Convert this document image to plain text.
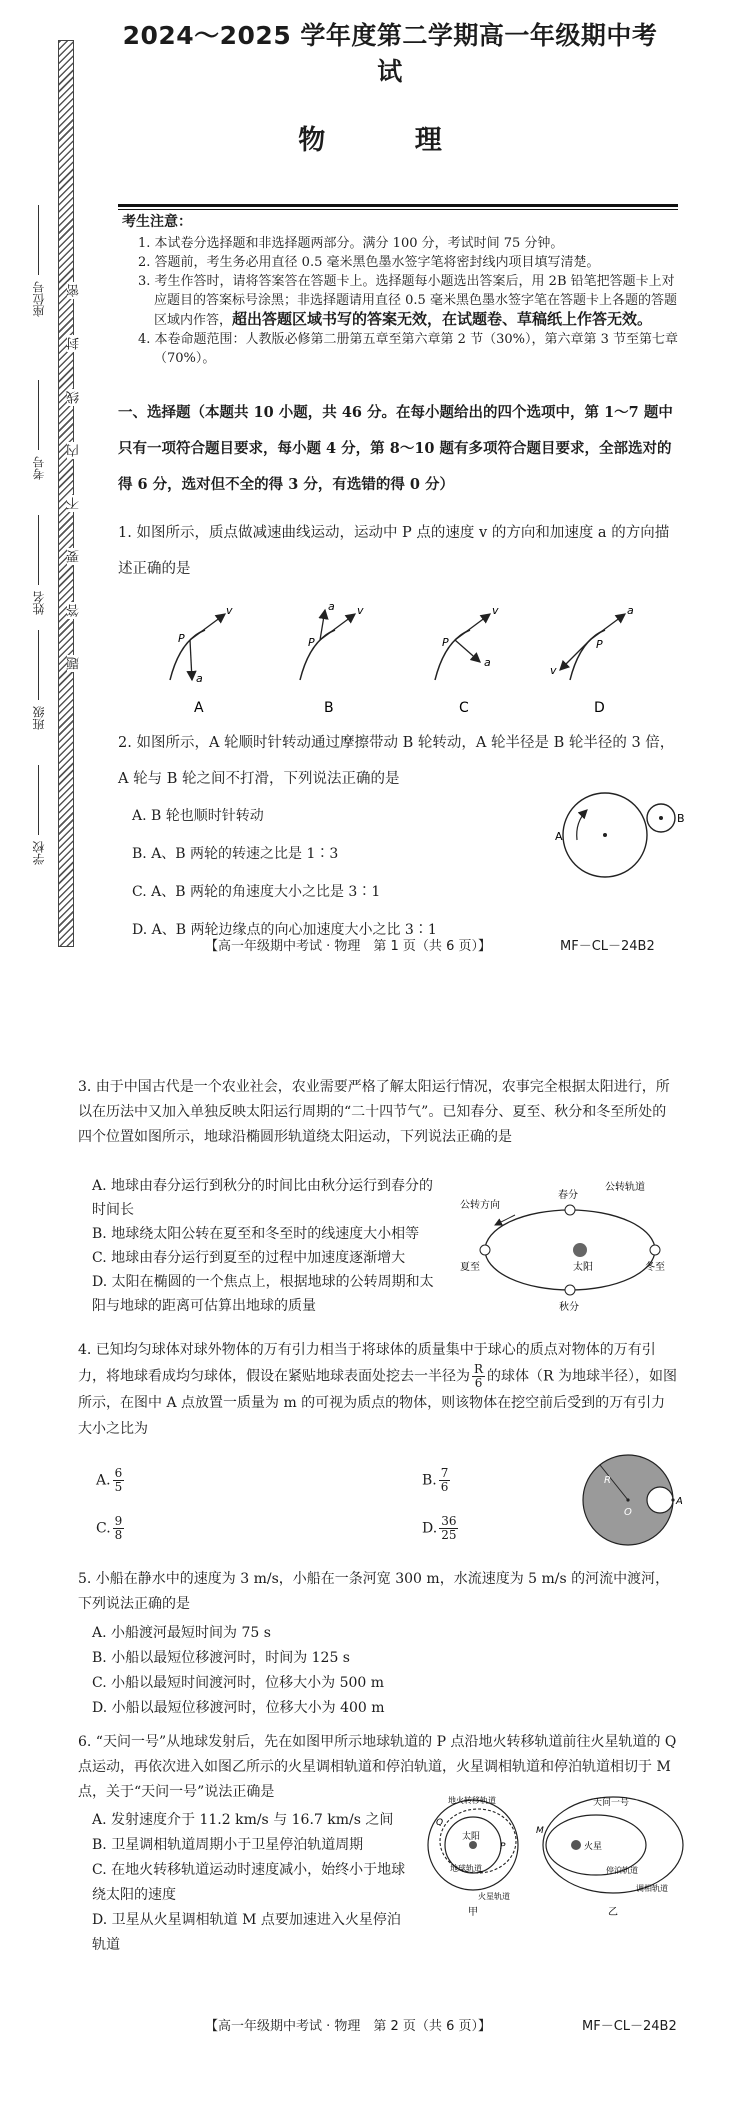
密
封
线
内
不
要
答
题
座位号
考号
姓名
班级
学校
2024～2025 学年度第二学期高一年级期中考试
物 理
考生注意：

1. 本试卷分选择题和非选择题两部分。满分 100 分，考试时间 75 分钟。

2. 答题前，考生务必用直径 0.5 毫米黑色墨水签字笔将密封线内项目填写清楚。

3. 考生作答时，请将答案答在答题卡上。选择题每小题选出答案后，用 2B 铅笔把答题卡上对应题目的答案标号涂黑；非选择题请用直径 0.5 毫米黑色墨水签字笔在答题卡上各题的答题区域内作答，超出答题区域书写的答案无效，在试题卷、草稿纸上作答无效。

4. 本卷命题范围：人教版必修第二册第五章至第六章第 2 节（30%），第六章第 3 节至第七章（70%）。

一、选择题（本题共 10 小题，共 46 分。在每小题给出的四个选项中，第 1～7 题中只有一项符合题目要求，每小题 4 分，第 8～10 题有多项符合题目要求，全部选对的得 6 分，选对但不全的得 3 分，有选错的得 0 分）

1. 如图所示，质点做减速曲线运动，运动中 P 点的速度 v 的方向和加速度 a 的方向描述正确的是

P
v
a
A
P
v
a
B
P
v
a
C
P
v
a
D

2. 如图所示，A 轮顺时针转动通过摩擦带动 B 轮转动，A 轮半径是 B 轮半径的 3 倍，A 轮与 B 轮之间不打滑，下列说法正确的是

A. B 轮也顺时针转动
B. A、B 两轮的转速之比是 1∶3
C. A、B 两轮的角速度大小之比是 3∶1
D. A、B 两轮边缘点的向心加速度大小之比 3∶1
A
B
【高一年级期中考试 · 物理　第 1 页（共 6 页）】	MF－CL－24B2

3. 由于中国古代是一个农业社会，农业需要严格了解太阳运行情况，农事完全根据太阳进行，所以在历法中又加入单独反映太阳运行周期的“二十四节气”。已知春分、夏至、秋分和冬至所处的四个位置如图所示，地球沿椭圆形轨道绕太阳运动，下列说法正确的是

A. 地球由春分运行到秋分的时间比由秋分运行到春分的时间长
B. 地球绕太阳公转在夏至和冬至时的线速度大小相等
C. 地球由春分运行到夏至的过程中加速度逐渐增大
D. 太阳在椭圆的一个焦点上，根据地球的公转周期和太阳与地球的距离可估算出地球的质量
春分
夏至
秋分
冬至
太阳
公转轨道
公转方向

4. 已知均匀球体对球外物体的万有引力相当于将球体的质量集中于球心的质点对物体的万有引力，将地球看成均匀球体，假设在紧贴地球表面处挖去一半径为 $\frac{R}{6}$ 的球体（R 为地球半径），如图所示，在图中 A 点放置一质量为 m 的可视为质点的物体，则该物体在挖空前后受到的万有引力大小之比为

A. $\frac{6}{5}$	B. $\frac{7}{6}$
C. $\frac{9}{8}$	D. $\frac{36}{25}$
R
O
A

5. 小船在静水中的速度为 3 m/s，小船在一条河宽 300 m，水流速度为 5 m/s 的河流中渡河，下列说法正确的是

A. 小船渡河最短时间为 75 s
B. 小船以最短位移渡河时，时间为 125 s
C. 小船以最短时间渡河时，位移大小为 500 m
D. 小船以最短位移渡河时，位移大小为 400 m

6. “天问一号”从地球发射后，先在如图甲所示地球轨道的 P 点沿地火转移轨道前往火星轨道的 Q 点运动，再依次进入如图乙所示的火星调相轨道和停泊轨道，火星调相轨道和停泊轨道相切于 M 点，关于“天问一号”说法正确是

A. 发射速度介于 11.2 km/s 与 16.7 km/s 之间
B. 卫星调相轨道周期小于卫星停泊轨道周期
C. 在地火转移轨道运动时速度减小，始终小于地球绕太阳的速度
D. 卫星从火星调相轨道 M 点要加速进入火星停泊轨道
太阳
P
Q
地火转移轨道
地球轨道
火星轨道
甲
火星
M
天问一号
停泊轨道
调相轨道
乙
【高一年级期中考试 · 物理　第 2 页（共 6 页）】	MF－CL－24B2
